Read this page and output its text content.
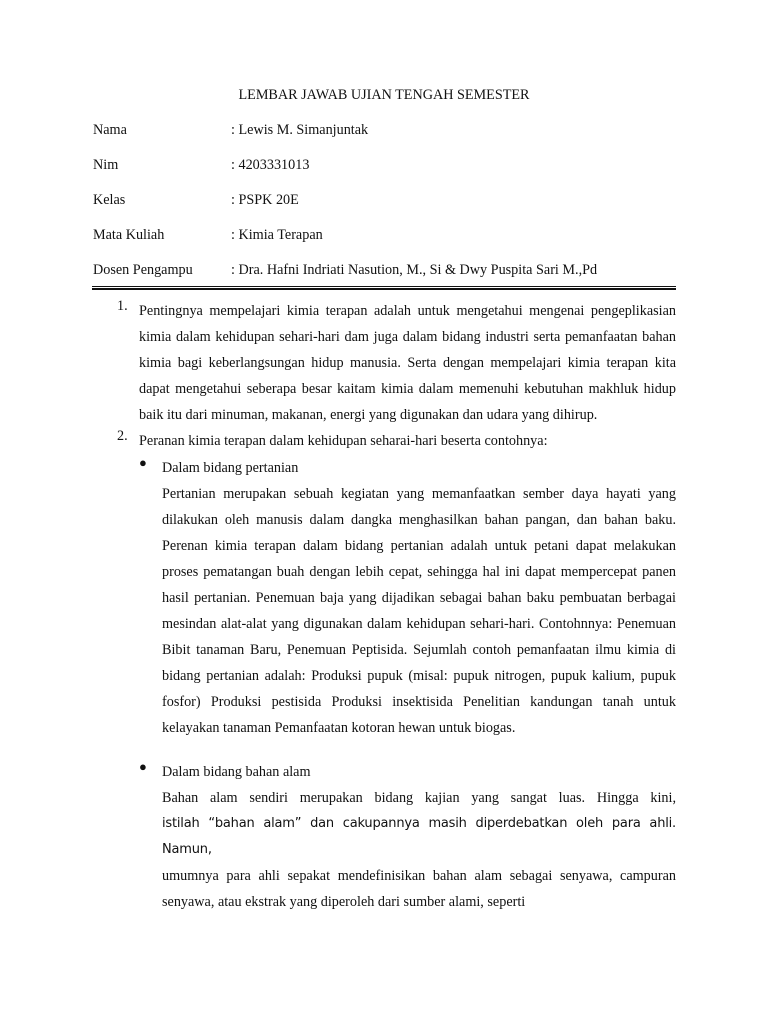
LEMBAR JAWAB UJIAN TENGAH SEMESTER
Nama	: Lewis M. Simanjuntak
Nim	: 4203331013
Kelas	: PSPK 20E
Mata Kuliah	: Kimia Terapan
Dosen Pengampu	: Dra. Hafni Indriati Nasution, M., Si & Dwy Puspita Sari M.,Pd
1. Pentingnya mempelajari kimia terapan adalah untuk mengetahui mengenai pengeplikasian kimia dalam kehidupan sehari-hari dam juga dalam bidang industri serta pemanfaatan bahan kimia bagi keberlangsungan hidup manusia. Serta dengan mempelajari kimia terapan kita dapat mengetahui seberapa besar kaitam kimia dalam memenuhi kebutuhan makhluk hidup baik itu dari minuman, makanan, energi yang digunakan dan udara yang dihirup.

2. Peranan kimia terapan dalam kehidupan seharai-hari beserta contohnya:

● Dalam bidang pertanian

Pertanian merupakan sebuah kegiatan yang memanfaatkan sember daya hayati yang dilakukan oleh manusis dalam dangka menghasilkan bahan pangan, dan bahan baku. Perenan kimia terapan dalam bidang pertanian adalah untuk petani dapat melakukan proses pematangan buah dengan lebih cepat, sehingga hal ini dapat mempercepat panen hasil pertanian. Penemuan baja yang dijadikan sebagai bahan baku pembuatan berbagai mesindan alat-alat yang digunakan dalam kehidupan sehari-hari. Contohnnya: Penemuan Bibit tanaman Baru, Penemuan Peptisida. Sejumlah contoh pemanfaatan ilmu kimia di bidang pertanian adalah: Produksi pupuk (misal: pupuk nitrogen, pupuk kalium, pupuk fosfor) Produksi pestisida Produksi insektisida Penelitian kandungan tanah untuk kelayakan tanaman Pemanfaatan kotoran hewan untuk biogas.

● Dalam bidang bahan alam

Bahan alam sendiri merupakan bidang kajian yang sangat luas. Hingga kini,

istilah “bahan alam” dan cakupannya masih diperdebatkan oleh para ahli. Namun,

umumnya para ahli sepakat mendefinisikan bahan alam sebagai senyawa, campuran senyawa, atau ekstrak yang diperoleh dari sumber alami, seperti
